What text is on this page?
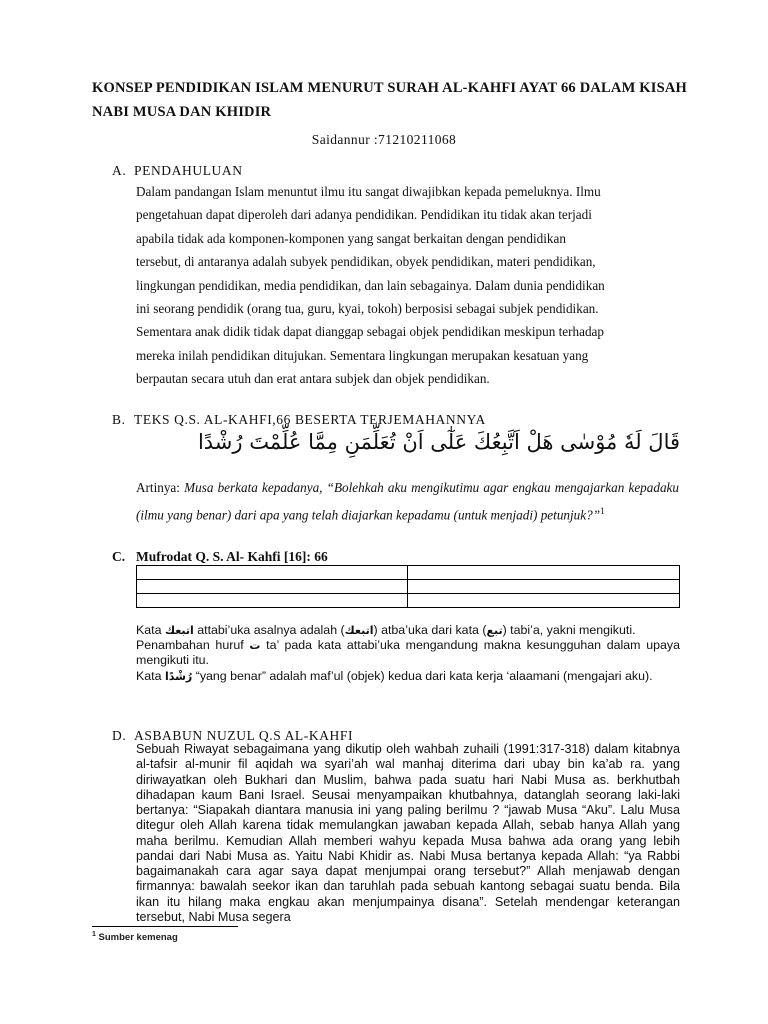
KONSEP PENDIDIKAN ISLAM MENURUT SURAH AL-KAHFI AYAT 66 DALAM KISAH NABI MUSA DAN KHIDIR
Saidannur :71210211068
A. PENDAHULUAN
Dalam pandangan Islam menuntut ilmu itu sangat diwajibkan kepada pemeluknya. Ilmu
pengetahuan dapat diperoleh dari adanya pendidikan. Pendidikan itu tidak akan terjadi
apabila tidak ada komponen-komponen yang sangat berkaitan dengan pendidikan
tersebut, di antaranya adalah subyek pendidikan, obyek pendidikan, materi pendidikan,
lingkungan pendidikan, media pendidikan, dan lain sebagainya. Dalam dunia pendidikan
ini seorang pendidik (orang tua, guru, kyai, tokoh) berposisi sebagai subjek pendidikan.
Sementara anak didik tidak dapat dianggap sebagai objek pendidikan meskipun terhadap
mereka inilah pendidikan ditujukan. Sementara lingkungan merupakan kesatuan yang
berpautan secara utuh dan erat antara subjek dan objek pendidikan.
B. TEKS Q.S. AL-KAHFI,66 BESERTA TERJEMAHANNYA
قَالَ لَهٗ مُوْسٰى هَلْ اَتَّبِعُكَ عَلٰٓى اَنْ تُعَلِّمَنِ مِمَّا عُلِّمْتَ رُشْدًا
Artinya: Musa berkata kepadanya, “Bolehkah aku mengikutimu agar engkau mengajarkan kepadaku (ilmu yang benar) dari apa yang telah diajarkan kepadamu (untuk menjadi) petunjuk?”$^1$
C. Mufrodat Q. S. Al- Kahfi [16]: 66

Kata اتبعك attabi’uka asalnya adalah (اتبعك) atba’uka dari kata (تبع) tabi’a, yakni mengikuti.
Penambahan huruf ت ta’ pada kata attabi’uka mengandung makna kesungguhan dalam upaya mengikuti itu.
Kata رُشْدًا “yang benar” adalah maf’ul (objek) kedua dari kata kerja ‘alaamani (mengajari aku).
D. ASBABUN NUZUL Q.S AL-KAHFI
Sebuah Riwayat sebagaimana yang dikutip oleh wahbah zuhaili (1991:317-318) dalam kitabnya al-tafsir al-munir fil aqidah wa syari’ah wal manhaj diterima dari ubay bin ka’ab ra. yang diriwayatkan oleh Bukhari dan Muslim, bahwa pada suatu hari Nabi Musa as. berkhutbah dihadapan kaum Bani Israel. Seusai menyampaikan khutbahnya, datanglah seorang laki-laki bertanya: “Siapakah diantara manusia ini yang paling berilmu ? “jawab Musa “Aku”. Lalu Musa ditegur oleh Allah karena tidak memulangkan jawaban kepada Allah, sebab hanya Allah yang maha berilmu. Kemudian Allah memberi wahyu kepada Musa bahwa ada orang yang lebih pandai dari Nabi Musa as. Yaitu Nabi Khidir as. Nabi Musa bertanya kepada Allah: “ya Rabbi bagaimanakah cara agar saya dapat menjumpai orang tersebut?” Allah menjawab dengan firmannya: bawalah seekor ikan dan taruhlah pada sebuah kantong sebagai suatu benda. Bila ikan itu hilang maka engkau akan menjumpainya disana”. Setelah mendengar keterangan tersebut, Nabi Musa segera
$^1$ Sumber kemenag
